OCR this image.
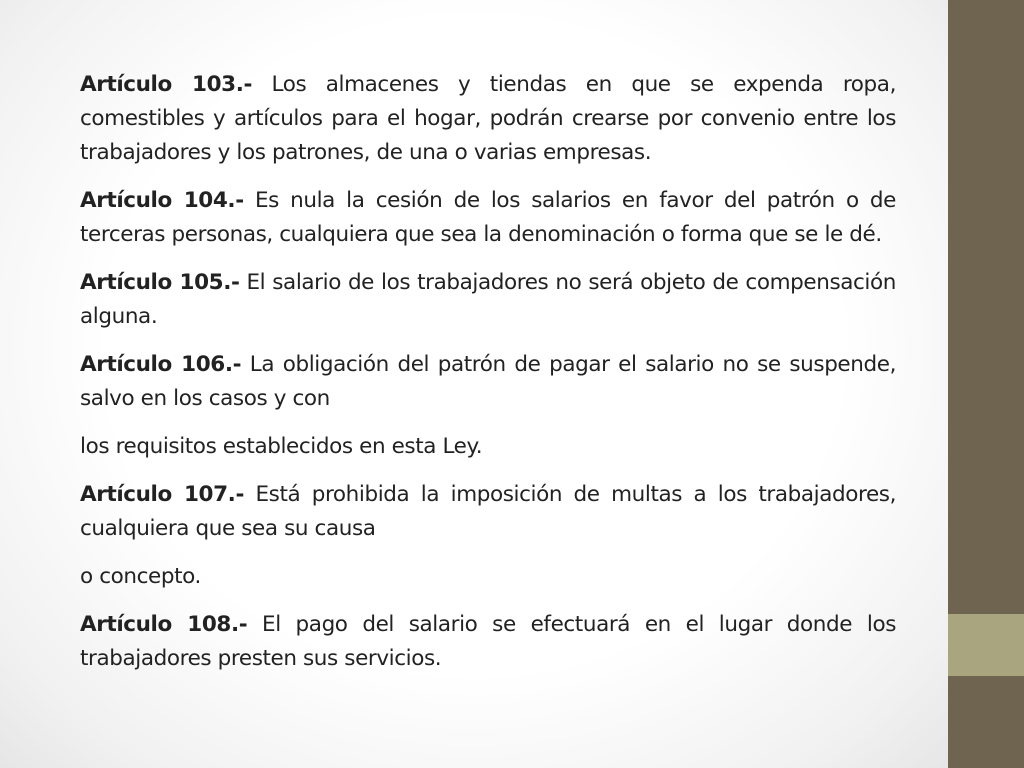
Artículo 103.- Los almacenes y tiendas en que se expenda ropa, comestibles y artículos para el hogar, podrán crearse por convenio entre los trabajadores y los patrones, de una o varias empresas.

Artículo 104.- Es nula la cesión de los salarios en favor del patrón o de terceras personas, cualquiera que sea la denominación o forma que se le dé.

Artículo 105.- El salario de los trabajadores no será objeto de compensación alguna.

Artículo 106.- La obligación del patrón de pagar el salario no se suspende, salvo en los casos y con

los requisitos establecidos en esta Ley.

Artículo 107.- Está prohibida la imposición de multas a los trabajadores, cualquiera que sea su causa

o concepto.

Artículo 108.- El pago del salario se efectuará en el lugar donde los trabajadores presten sus servicios.
